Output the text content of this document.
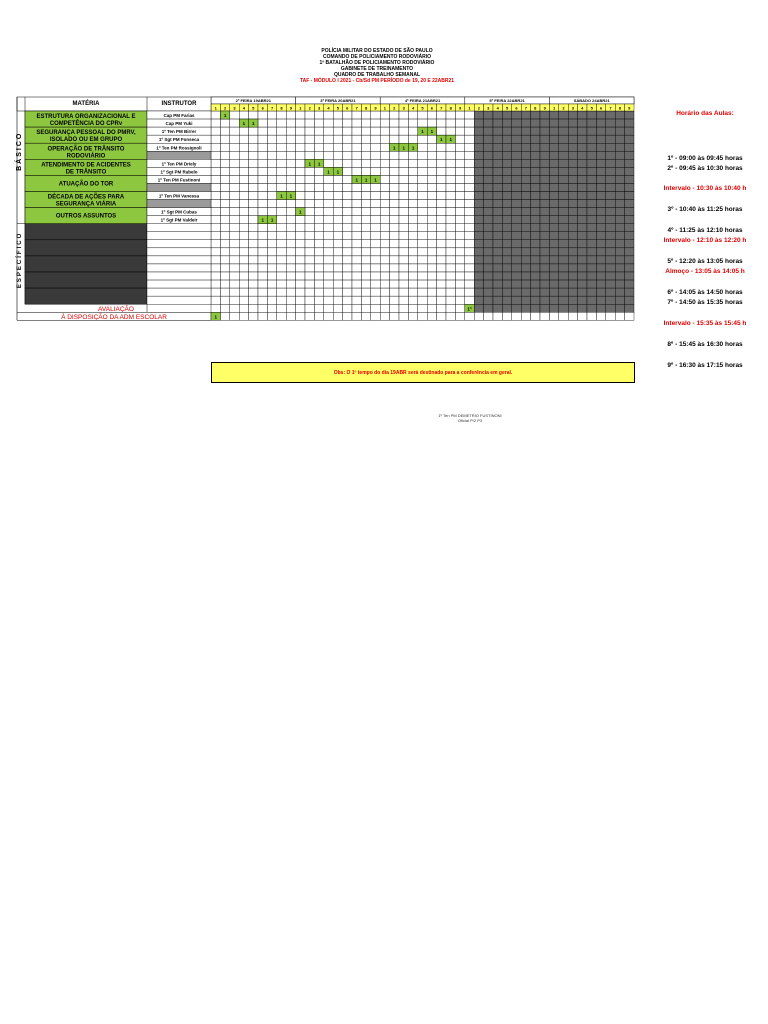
POLÍCIA MILITAR DO ESTADO DE SÃO PAULO
COMANDO DE POLICIAMENTO RODOVIÁRIO
1º BATALHÃO DE POLICIAMENTO RODOVIÁRIO
GABINETE DE TREINAMENTO
QUADRO DE TRABALHO SEMANAL
TAF - MÓDULO I 2021 - Cb/Sd PM PERÍODO de 19, 20 E 22ABR21
2ª FEIRA 19ABR21
1 2 3 4 5 6 7 8 9
3ª FEIRA 20ABR21
1 2 3 4 5 6 7 8 9
4ª FEIRA 21ABR21
1 2 3 4 5 6 7 8 9
5ª FEIRA 22ABR21
1 2 3 4 5 6 7 8 9
SÁBADO 24ABR21
1 2 3 4 5 6 7 8 9
MATÉRIA	INSTRUTOR
ESTRUTURA ORGANIZACIONAL E
COMPETÊNCIA DO CPRv
SEGURANÇA PESSOAL DO PMRV,
ISOLADO OU EM GRUPO
OPERAÇÃO DE TRÂNSITO
RODOVIÁRIO
ATENDIMENTO DE ACIDENTES
DE TRÂNSITO
ATUAÇÃO DO TOR
DÉCADA DE AÇÕES PARA
SEGURANÇA VIÁRIA
OUTROS ASSUNTOS
Cap PM Farias
Cap PM Yuki
1º Ten PM Birrer
1º Sgt PM Fonseca
1º Ten PM Rossignoli
1º Ten PM Driely
1º Sgt PM Rabelo
1º Ten PM Fustinoni
1º Ten PM Vanessa
1º Sgt PM Cubas
1º Sgt PM Valdeir
AVALIAÇÃO
À DISPOSIÇÃO DA ADM ESCOLAR
BÁSICO
ESPECÍFICO
1
1 1
1 1
1 1
1 1 1
1 1
1 1
1 1 1
1 1
1
1 1
1º
1
Obs: O 1º tempo do dia 19ABR será destinado para a conferência em geral.
Horário das Aulas:
1º - 09:00 às 09:45 horas
2º - 09:45 às 10:30 horas
Intervalo - 10:30 às 10:40 h
3º - 10:40 às 11:25 horas
4º - 11:25 às 12:10 horas
Intervalo - 12:10 às 12:20 h
5º - 12:20 às 13:05 horas
Almoço - 13:05 às 14:05 h
6º - 14:05 às 14:50 horas
7º - 14:50 às 15:35 horas
Intervalo - 15:35 às 15:45 h
8º - 15:45 às 16:30 horas
9º - 16:30 às 17:15 horas
1º Ten PM DEMETRIO FUSTINONI
Oficial P/2 P3
